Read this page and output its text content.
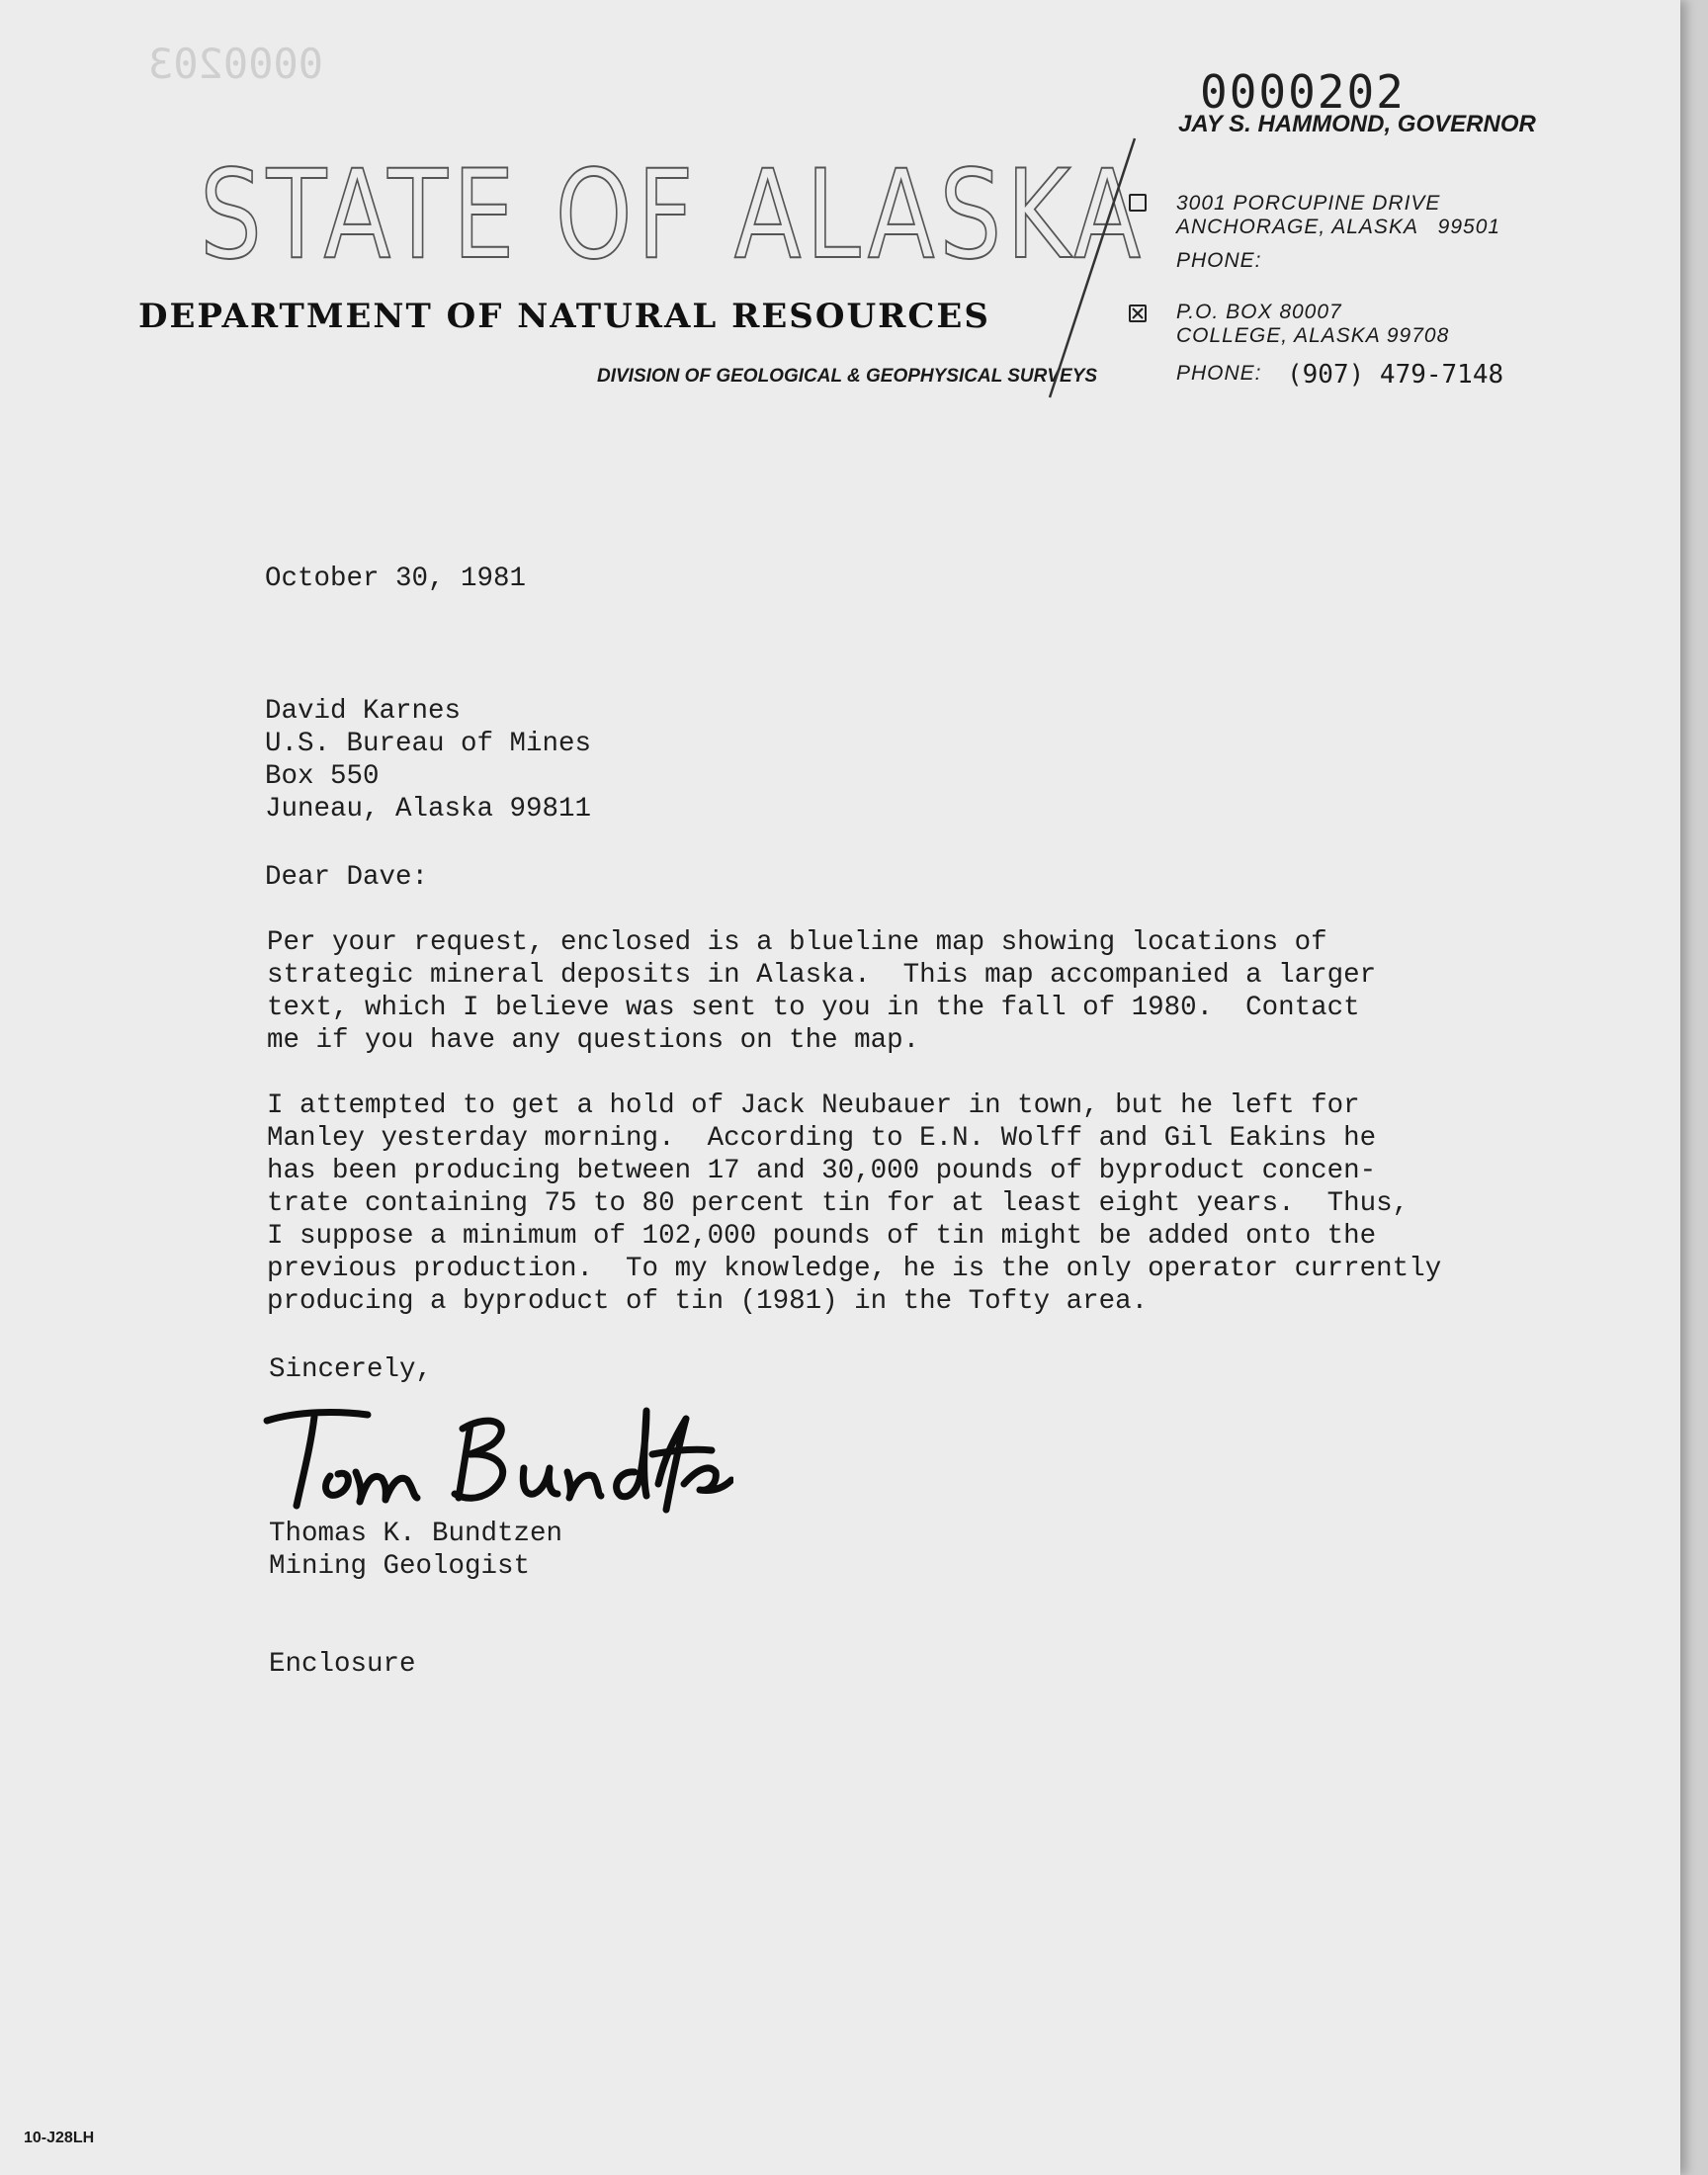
0000203
0000202
JAY S. HAMMOND, GOVERNOR
STATE OF ALASKA
DEPARTMENT OF NATURAL RESOURCES
DIVISION OF GEOLOGICAL & GEOPHYSICAL SURVEYS
3001 PORCUPINE DRIVE
ANCHORAGE, ALASKA   99501
PHONE:
P.O. BOX 80007
COLLEGE, ALASKA 99708
PHONE: (907) 479-7148
October 30, 1981
David Karnes
U.S. Bureau of Mines
Box 550
Juneau, Alaska 99811
Dear Dave:
Per your request, enclosed is a blueline map showing locations of
strategic mineral deposits in Alaska.  This map accompanied a larger
text, which I believe was sent to you in the fall of 1980.  Contact
me if you have any questions on the map.
I attempted to get a hold of Jack Neubauer in town, but he left for
Manley yesterday morning.  According to E.N. Wolff and Gil Eakins he
has been producing between 17 and 30,000 pounds of byproduct concen-
trate containing 75 to 80 percent tin for at least eight years.  Thus,
I suppose a minimum of 102,000 pounds of tin might be added onto the
previous production.  To my knowledge, he is the only operator currently
producing a byproduct of tin (1981) in the Tofty area.
Sincerely,
Thomas K. Bundtzen
Mining Geologist
Enclosure
10-J28LH
